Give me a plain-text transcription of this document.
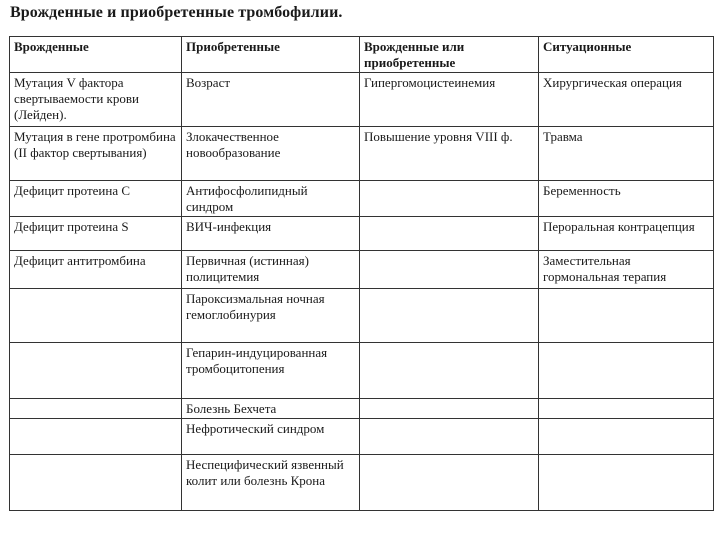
Врожденные и приобретенные тромбофилии.
Врожденные	Приобретенные	Врожденные или приобретенные	Ситуационные
Мутация V фактора свертываемости крови (Лейден).	Возраст	Гипергомоцистеинемия	Хирургическая операция
Мутация в гене протромбина (II фактор свертывания)	Злокачественное новообразование	Повышение уровня VIII ф.	Травма
Дефицит протеина C	Антифосфолипидный синдром		Беременность
Дефицит протеина S	ВИЧ-инфекция		Пероральная контрацепция
Дефицит антитромбина	Первичная (истинная) полицитемия		Заместительная гормональная терапия
	Пароксизмальная ночная гемоглобинурия		
	Гепарин-индуцированная тромбоцитопения		
	Болезнь Бехчета		
	Нефротический синдром		
	Неспецифический язвенный колит или болезнь Крона		
